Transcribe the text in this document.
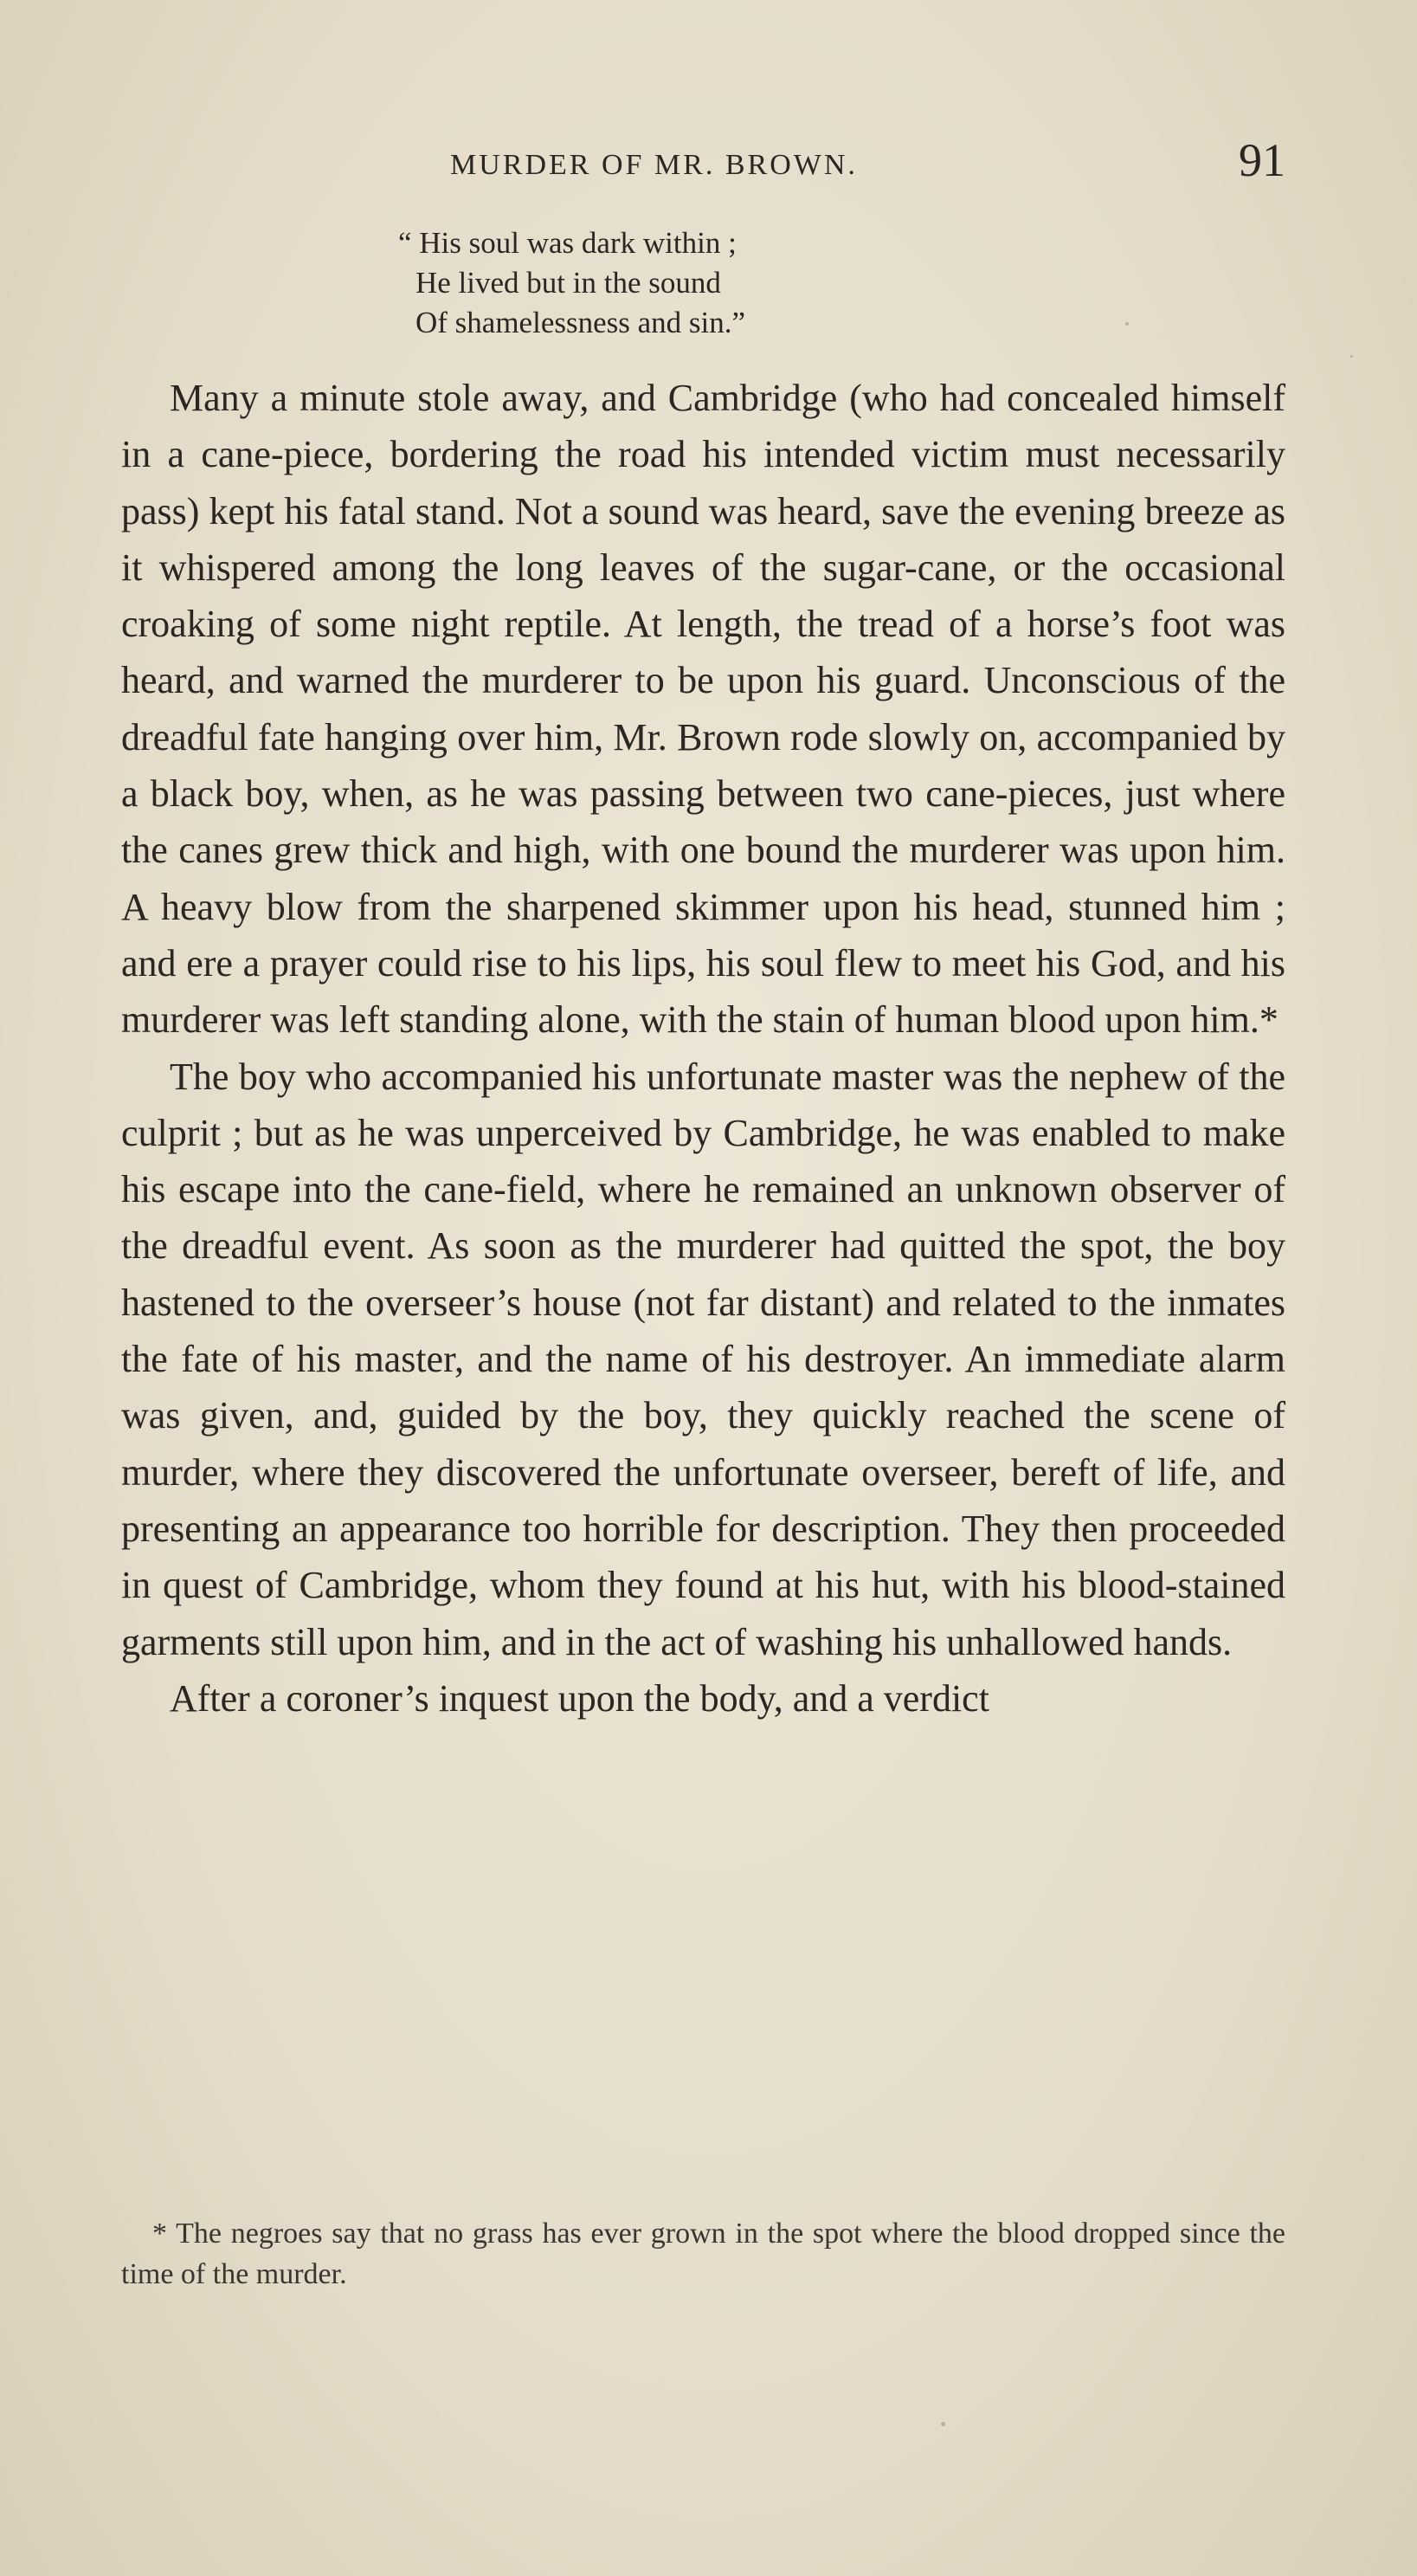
MURDER OF MR. BROWN.	91
“ His soul was dark within ;
He lived but in the sound
Of shamelessness and sin.”

Many a minute stole away, and Cambridge (who had concealed himself in a cane-piece, bordering the road his intended victim must necessarily pass) kept his fatal stand. Not a sound was heard, save the evening breeze as it whispered among the long leaves of the sugar-cane, or the occasional croaking of some night reptile. At length, the tread of a horse’s foot was heard, and warned the murderer to be upon his guard. Unconscious of the dreadful fate hanging over him, Mr. Brown rode slowly on, accompanied by a black boy, when, as he was passing between two cane-pieces, just where the canes grew thick and high, with one bound the murderer was upon him. A heavy blow from the sharpened skimmer upon his head, stunned him ; and ere a prayer could rise to his lips, his soul flew to meet his God, and his murderer was left standing alone, with the stain of human blood upon him.*

The boy who accompanied his unfortunate master was the nephew of the culprit ; but as he was unperceived by Cambridge, he was enabled to make his escape into the cane-field, where he remained an unknown observer of the dreadful event. As soon as the murderer had quitted the spot, the boy hastened to the overseer’s house (not far distant) and related to the inmates the fate of his master, and the name of his destroyer. An immediate alarm was given, and, guided by the boy, they quickly reached the scene of murder, where they discovered the unfortunate overseer, bereft of life, and presenting an appearance too horrible for description. They then proceeded in quest of Cambridge, whom they found at his hut, with his blood-stained garments still upon him, and in the act of washing his unhallowed hands.

After a coroner’s inquest upon the body, and a verdict

* The negroes say that no grass has ever grown in the spot where the blood dropped since the time of the murder.
